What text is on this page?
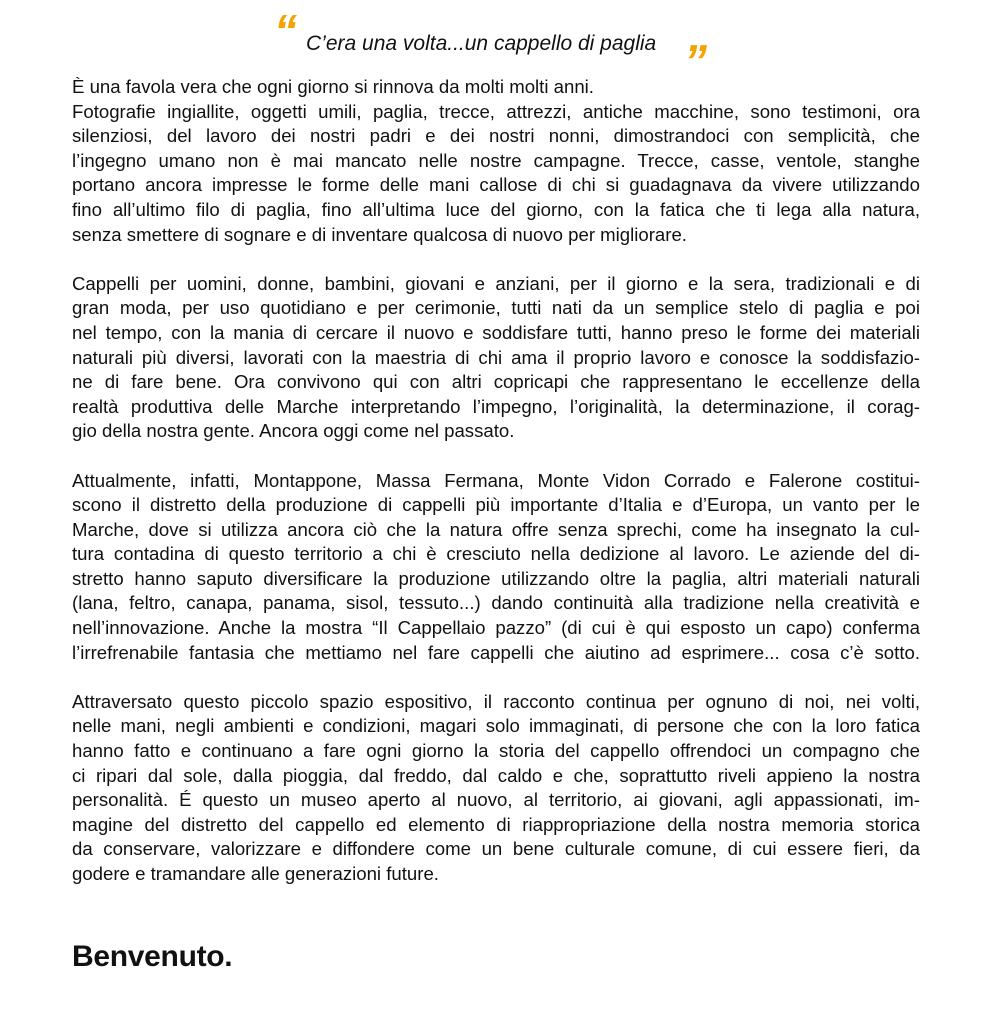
“ C’era una volta...un cappello di paglia ”

È una favola vera che ogni giorno si rinnova da molti molti anni.
Fotografie ingiallite, oggetti umili, paglia, trecce, attrezzi, antiche macchine, sono testimoni, ora
silenziosi, del lavoro dei nostri padri e dei nostri nonni, dimostrandoci con semplicità, che
l’ingegno umano non è mai mancato nelle nostre campagne. Trecce, casse, ventole, stanghe
portano ancora impresse le forme delle mani callose di chi si guadagnava da vivere utilizzando
fino all’ultimo filo di paglia, fino all’ultima luce del giorno, con la fatica che ti lega alla natura,
senza smettere di sognare e di inventare qualcosa di nuovo per migliorare.

Cappelli per uomini, donne, bambini, giovani e anziani, per il giorno e la sera, tradizionali e di
gran moda, per uso quotidiano e per cerimonie, tutti nati da un semplice stelo di paglia e poi
nel tempo, con la mania di cercare il nuovo e soddisfare tutti, hanno preso le forme dei materiali
naturali più diversi, lavorati con la maestria di chi ama il proprio lavoro e conosce la soddisfazio-
ne di fare bene. Ora convivono qui con altri copricapi che rappresentano le eccellenze della
realtà produttiva delle Marche interpretando l’impegno, l’originalità, la determinazione, il corag-
gio della nostra gente. Ancora oggi come nel passato.

Attualmente, infatti, Montappone, Massa Fermana, Monte Vidon Corrado e Falerone costitui-
scono il distretto della produzione di cappelli più importante d’Italia e d’Europa, un vanto per le
Marche, dove si utilizza ancora ciò che la natura offre senza sprechi, come ha insegnato la cul-
tura contadina di questo territorio a chi è cresciuto nella dedizione al lavoro. Le aziende del di-
stretto hanno saputo diversificare la produzione utilizzando oltre la paglia, altri materiali naturali
(lana, feltro, canapa, panama, sisol, tessuto...) dando continuità alla tradizione nella creatività e
nell’innovazione. Anche la mostra “Il Cappellaio pazzo” (di cui è qui esposto un capo) conferma
l’irrefrenabile fantasia che mettiamo nel fare cappelli che aiutino ad esprimere... cosa c’è sotto.

Attraversato questo piccolo spazio espositivo, il racconto continua per ognuno di noi, nei volti,
nelle mani, negli ambienti e condizioni, magari solo immaginati, di persone che con la loro fatica
hanno fatto e continuano a fare ogni giorno la storia del cappello offrendoci un compagno che
ci ripari dal sole, dalla pioggia, dal freddo, dal caldo e che, soprattutto riveli appieno la nostra
personalità. É questo un museo aperto al nuovo, al territorio, ai giovani, agli appassionati, im-
magine del distretto del cappello ed elemento di riappropriazione della nostra memoria storica
da conservare, valorizzare e diffondere come un bene culturale comune, di cui essere fieri, da
godere e tramandare alle generazioni future.

Benvenuto.
